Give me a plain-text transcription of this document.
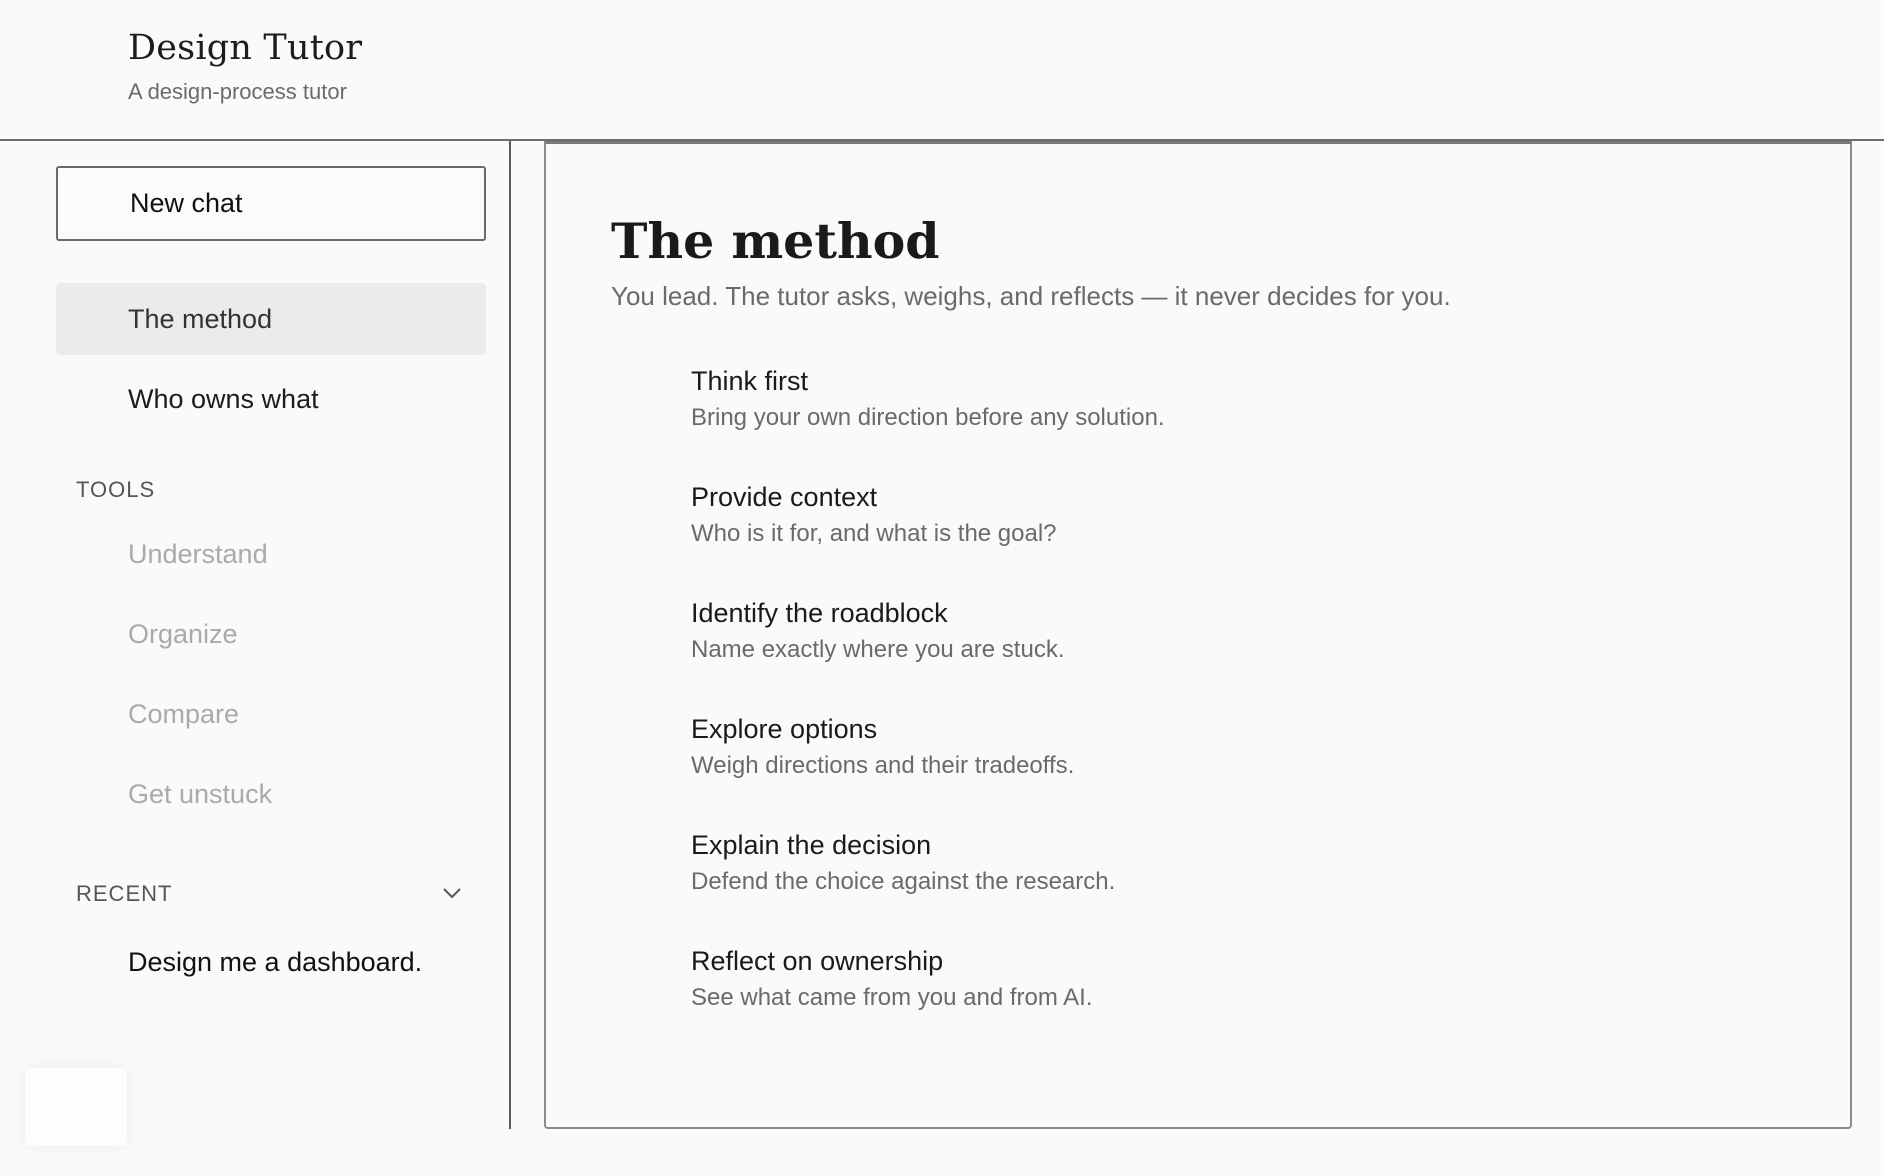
Design Tutor
A design-process tutor
New chat
The method
Who owns what
TOOLS
Understand
Organize
Compare
Get unstuck
RECENT
Design me a dashboard.
The method
You lead. The tutor asks, weighs, and reflects — it never decides for you.
Think first
Bring your own direction before any solution.
Provide context
Who is it for, and what is the goal?
Identify the roadblock
Name exactly where you are stuck.
Explore options
Weigh directions and their tradeoffs.
Explain the decision
Defend the choice against the research.
Reflect on ownership
See what came from you and from AI.
